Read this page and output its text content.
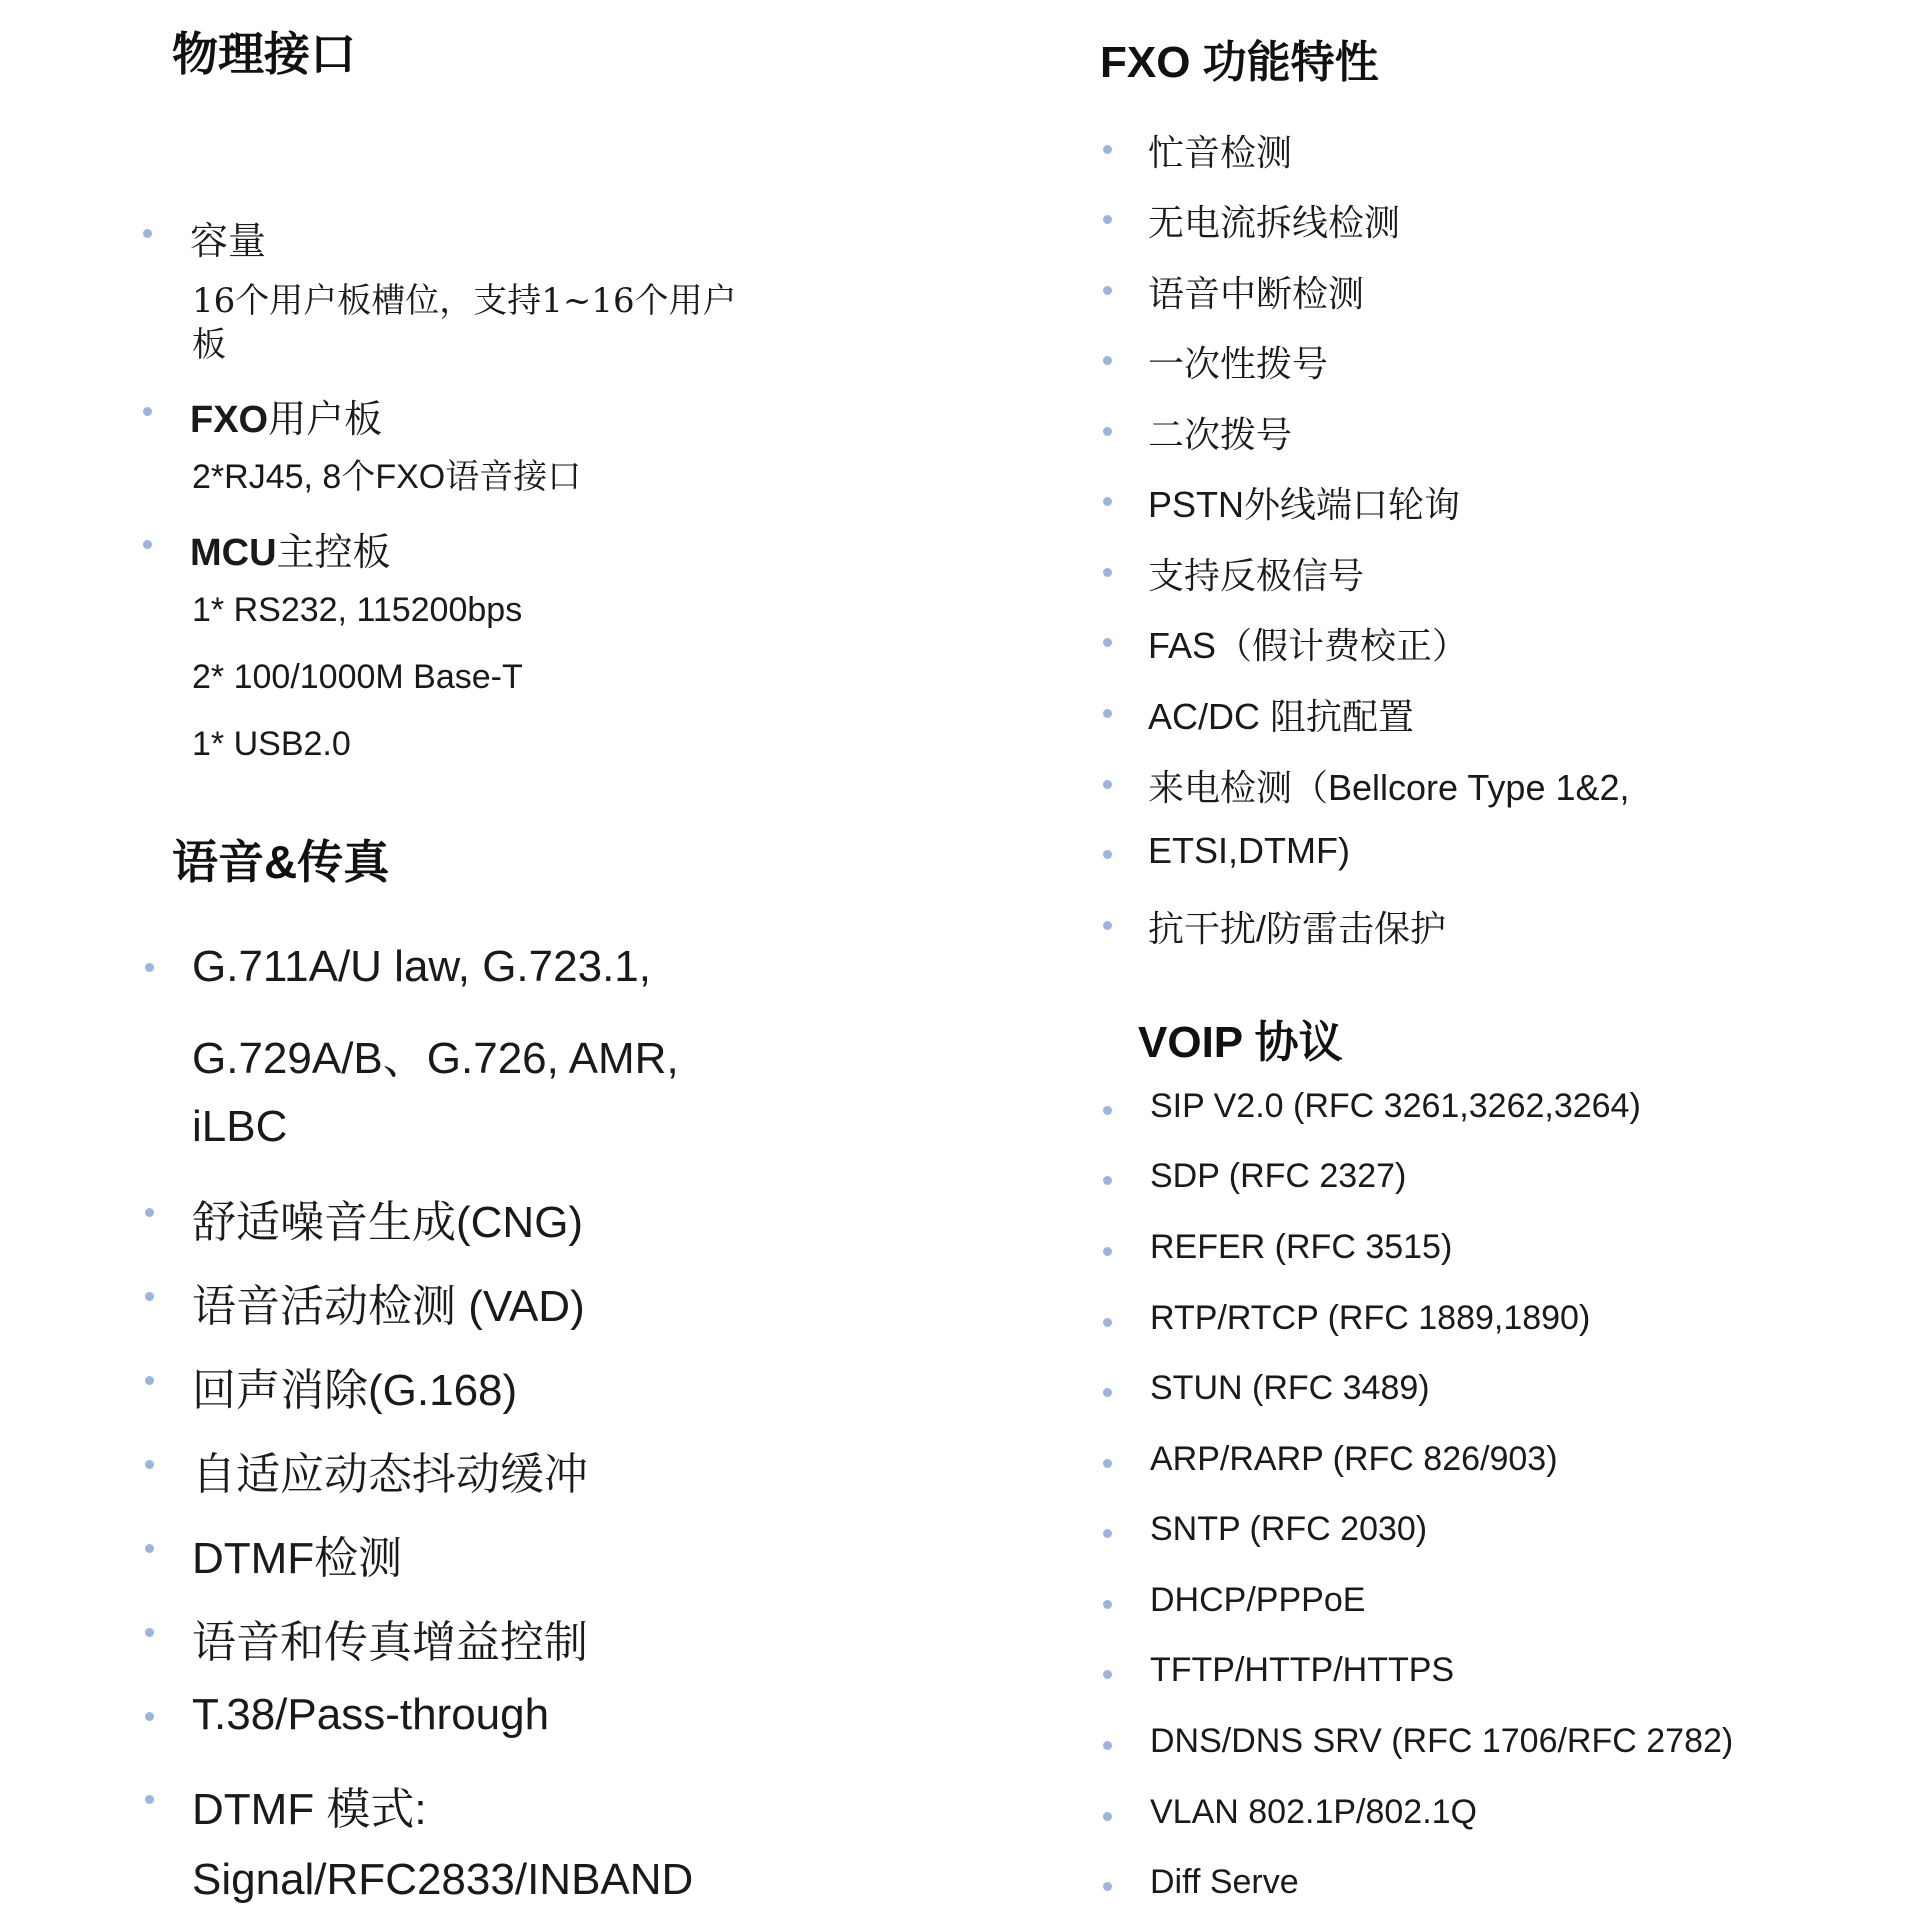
物理接口
容量
16个用户板槽位，支持1~16个用户
板
FXO用户板
2*RJ45, 8个FXO语音接口
MCU主控板
1* RS232, 115200bps
2* 100/1000M Base-T
1* USB2.0
语音&传真
G.711A/U law, G.723.1,
G.729A/B、G.726, AMR,
iLBC
舒适噪音生成(CNG)
语音活动检测 (VAD)
回声消除(G.168)
自适应动态抖动缓冲
DTMF检测
语音和传真增益控制
T.38/Pass-through
DTMF 模式:
Signal/RFC2833/INBAND
FXO 功能特性
忙音检测
无电流拆线检测
语音中断检测
一次性拨号
二次拨号
PSTN外线端口轮询
支持反极信号
FAS（假计费校正）
AC/DC 阻抗配置
来电检测（Bellcore Type 1&2,
ETSI,DTMF)
抗干扰/防雷击保护
VOIP 协议
SIP V2.0 (RFC 3261,3262,3264)
SDP (RFC 2327)
REFER (RFC 3515)
RTP/RTCP (RFC 1889,1890)
STUN (RFC 3489)
ARP/RARP (RFC 826/903)
SNTP (RFC 2030)
DHCP/PPPoE
TFTP/HTTP/HTTPS
DNS/DNS SRV (RFC 1706/RFC 2782)
VLAN 802.1P/802.1Q
Diff Serve
